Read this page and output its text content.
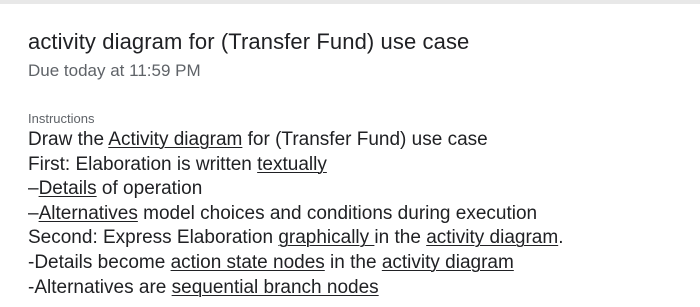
activity diagram for (Transfer Fund) use case
Due today at 11:59 PM
Instructions
Draw the Activity diagram for (Transfer Fund) use case
First: Elaboration is written textually
–Details of operation
–Alternatives model choices and conditions during execution
Second: Express Elaboration graphically in the activity diagram.
-Details become action state nodes in the activity diagram
-Alternatives are sequential branch nodes
